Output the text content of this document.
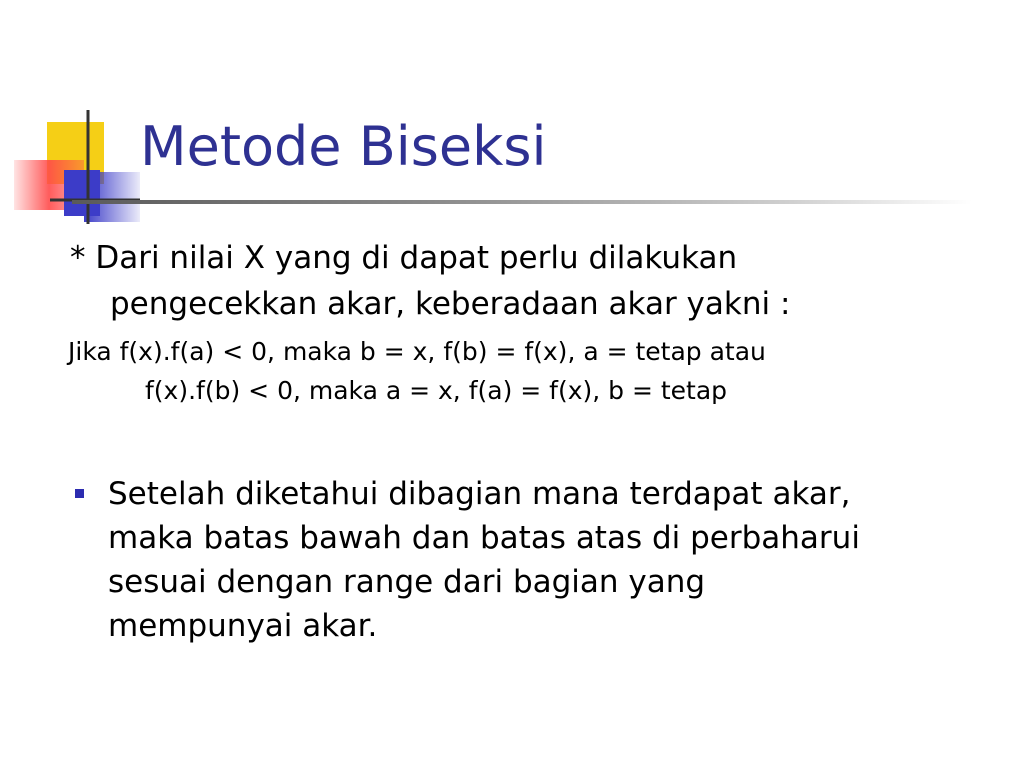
Metode Biseksi
* Dari nilai X yang di dapat perlu dilakukan
pengecekkan akar, keberadaan akar yakni :
Jika f(x).f(a) < 0, maka b = x, f(b) = f(x), a = tetap atau
f(x).f(b) < 0, maka a = x, f(a) = f(x), b = tetap
Setelah diketahui dibagian mana terdapat akar,
maka batas bawah dan batas atas di perbaharui
sesuai dengan range dari bagian yang
mempunyai akar.
